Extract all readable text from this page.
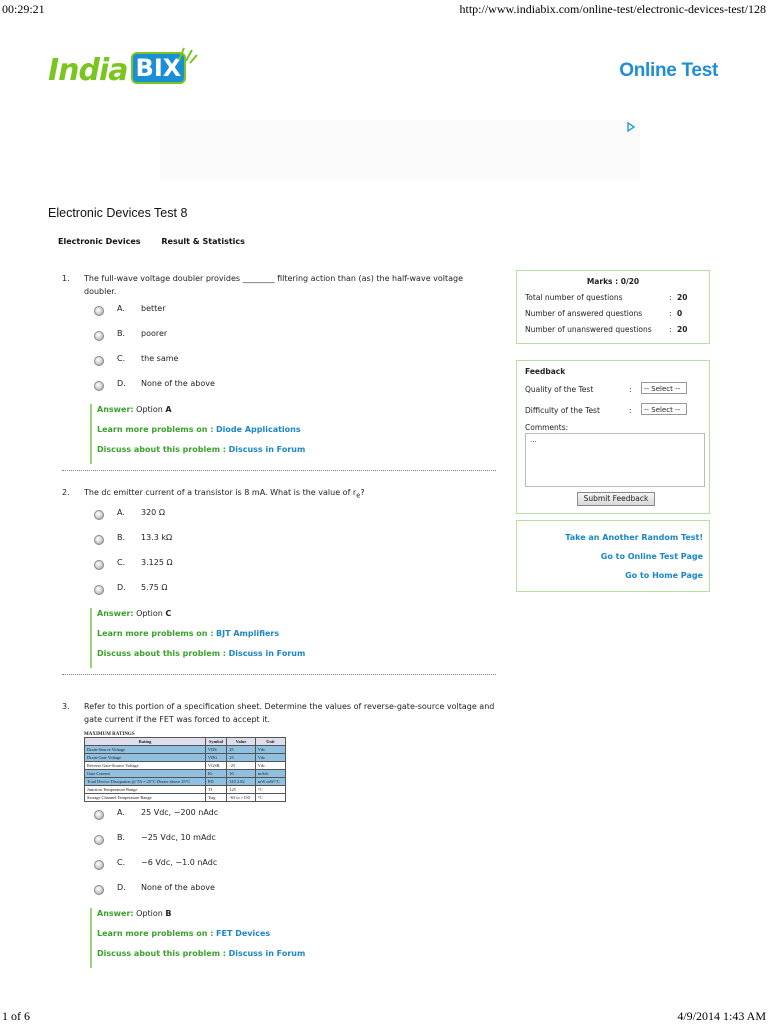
00:29:21	http://www.indiabix.com/online-test/electronic-devices-test/128
India BIX	Online Test
Electronic Devices Test 8
Electronic Devices	Result & Statistics
1. The full-wave voltage doubler provides ________ filtering action than (as) the half-wave voltage doubler.
A. better
B. poorer
C. the same
D. None of the above
Answer: Option A
Learn more problems on : Diode Applications
Discuss about this problem : Discuss in Forum
2. The dc emitter current of a transistor is 8 mA. What is the value of $r_e$?
A. 320 Ω
B. 13.3 kΩ
C. 3.125 Ω
D. 5.75 Ω
Answer: Option C
Learn more problems on : BJT Amplifiers
Discuss about this problem : Discuss in Forum
3. Refer to this portion of a specification sheet. Determine the values of reverse-gate-source voltage and gate current if the FET was forced to accept it.
MAXIMUM RATINGS
Rating	Symbol	Value	Unit
Drain-Source Voltage	VDS	25	Vdc
Drain-Gate Voltage	VDG	25	Vdc
Reverse Gate-Source Voltage	VGSR	-25	Vdc
Gate Current	IG	10	mAdc
Total Device Dissipation @ TA = 25°C Derate above 25°C	PD	310 2.82	mW mW/°C
Junction Temperature Range	TJ	125	°C
Storage Channel Temperature Range	Tstg	-65 to +150	°C
A. 25 Vdc, −200 nAdc
B. −25 Vdc, 10 mAdc
C. −6 Vdc, −1.0 nAdc
D. None of the above
Answer: Option B
Learn more problems on : FET Devices
Discuss about this problem : Discuss in Forum
Marks : 0/20
Total number of questions	: 20
Number of answered questions	: 0
Number of unanswered questions : 20
Feedback
Quality of the Test	:	-- Select --
Difficulty of the Test	:	-- Select --
Comments:
...
Submit Feedback
Take an Another Random Test!
Go to Online Test Page
Go to Home Page
1 of 6	4/9/2014 1:43 AM
